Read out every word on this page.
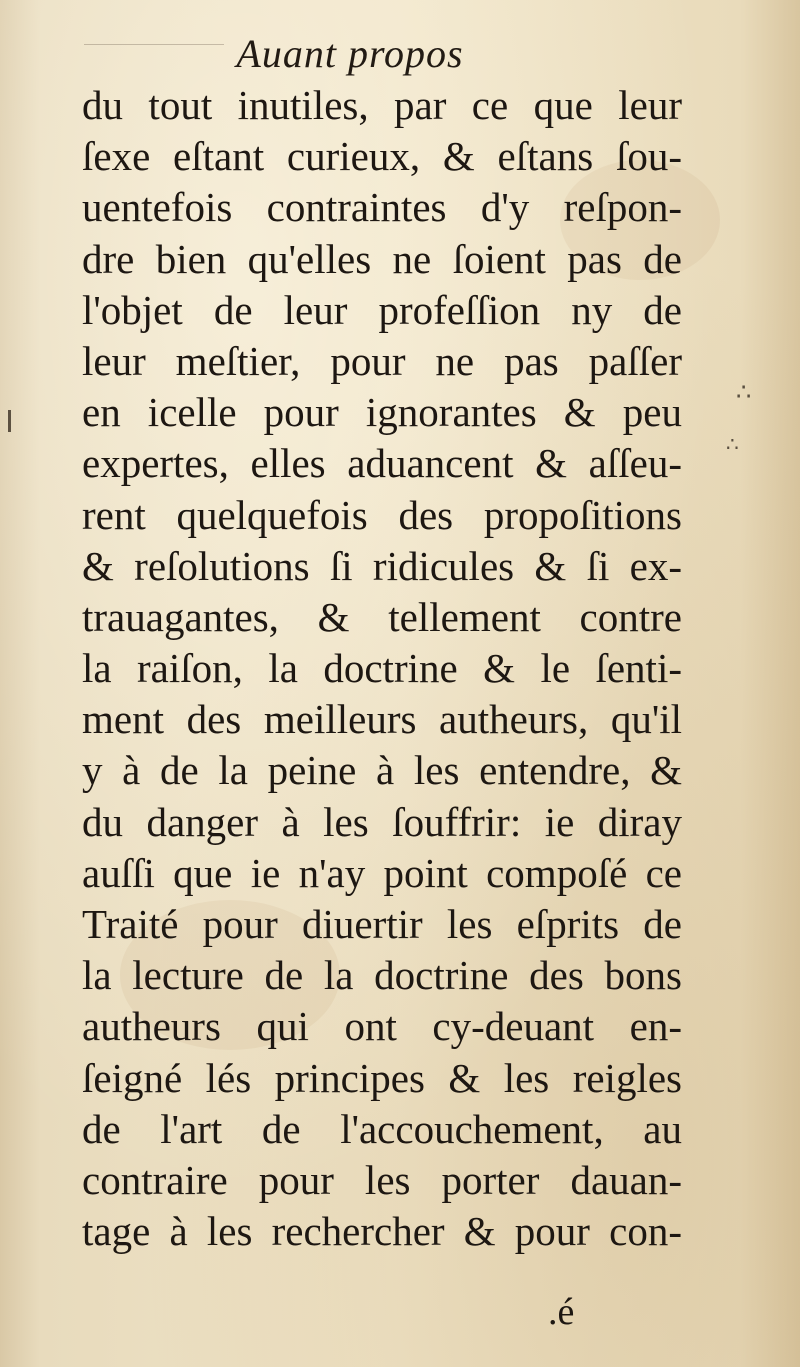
Auant propos
du tout inutiles, par ce que leur
ſexe eſtant curieux, & eſtans ſou-
uentefois contraintes d'y reſpon-
dre bien qu'elles ne ſoient pas de
l'objet de leur profeſſion ny de
leur meſtier, pour ne pas paſſer
en icelle pour ignorantes & peu
expertes, elles aduancent & aſſeu-
rent quelquefois des propoſitions
& reſolutions ſi ridicules & ſi ex-
trauagantes, & tellement contre
la raiſon, la doctrine & le ſenti-
ment des meilleurs autheurs, qu'il
y à de la peine à les entendre, &
du danger à les ſouffrir: ie diray
auſſi que ie n'ay point compoſé ce
Traité pour diuertir les eſprits de
la lecture de la doctrine des bons
autheurs qui ont cy-deuant en-
ſeigné lés principes & les reigles
de l'art de l'accouchement, au
contraire pour les porter dauan-
tage à les rechercher & pour con-
.é
∴
∴
